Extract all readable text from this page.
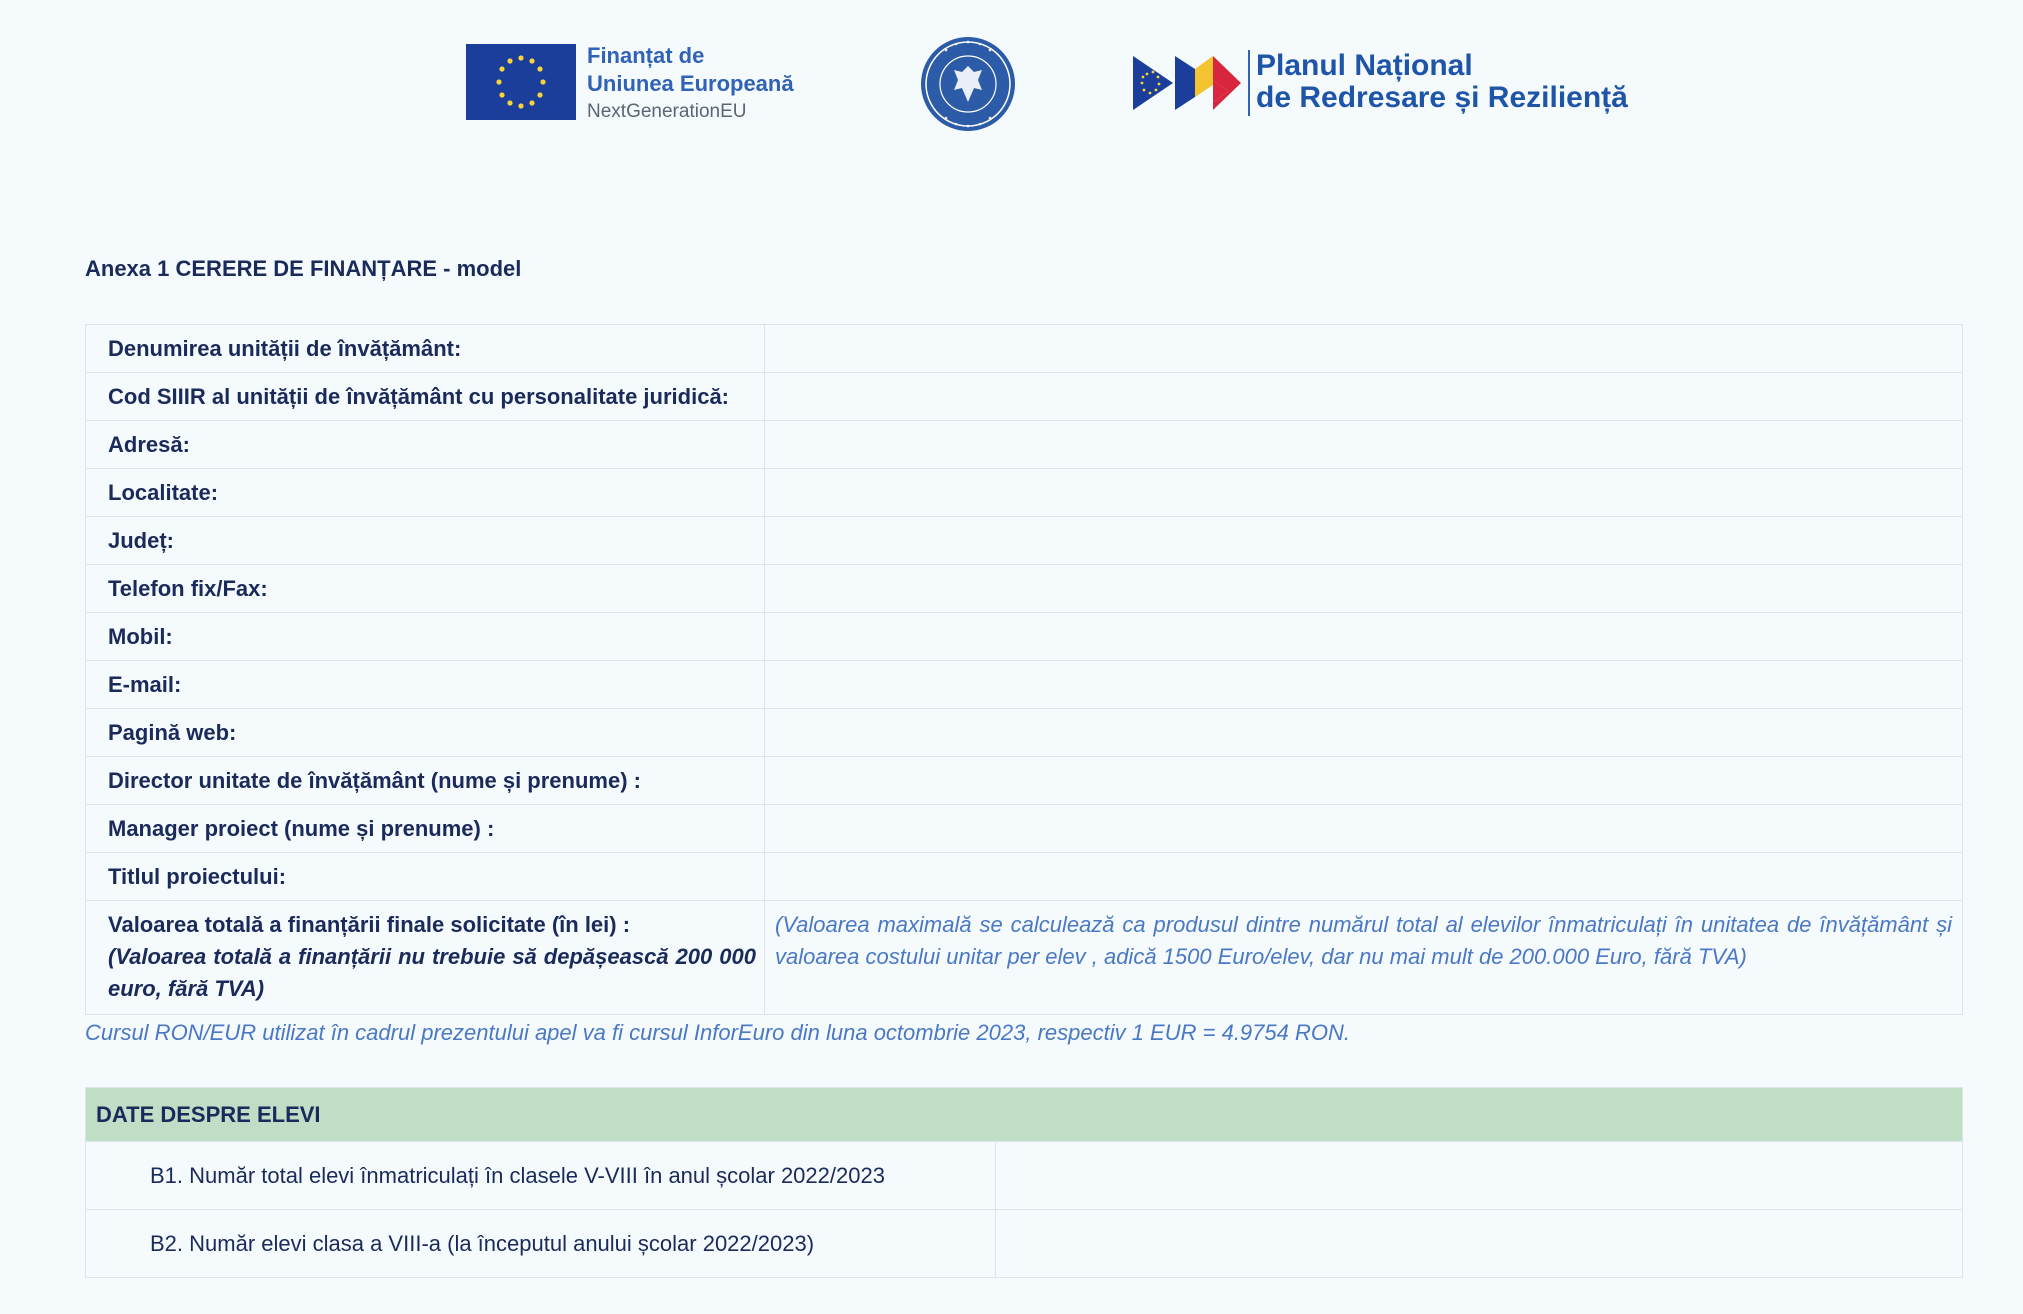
Finanțat de
Uniunea Europeană
NextGenerationEU
Planul Național
de Redresare și Reziliență
Anexa 1 CERERE DE FINANȚARE - model
Denumirea unității de învățământ:	
Cod SIIIR al unității de învățământ cu personalitate juridică:	
Adresă:	
Localitate:	
Județ:	
Telefon fix/Fax:	
Mobil:	
E-mail:	
Pagină web:	
Director unitate de învățământ (nume și prenume) :	
Manager proiect (nume și prenume) :	
Titlul proiectului:	

Valoarea totală a finanțării finale solicitate (în lei) :
(Valoarea totală a finanțării nu trebuie să depășească 200 000 euro, fără TVA)	(Valoarea maximală se calculează ca produsul dintre numărul total al elevilor înmatriculați în unitatea de învățământ și valoarea costului unitar per elev , adică 1500 Euro/elev, dar nu mai mult de 200.000 Euro, fără TVA)
Cursul RON/EUR utilizat în cadrul prezentului apel va fi cursul InforEuro din luna octombrie 2023, respectiv 1 EUR = 4.9754 RON.
DATE DESPRE ELEVI	
B1. Număr total elevi înmatriculați în clasele V-VIII în anul școlar 2022/2023	
B2. Număr elevi clasa a VIII-a (la începutul anului școlar 2022/2023)	
